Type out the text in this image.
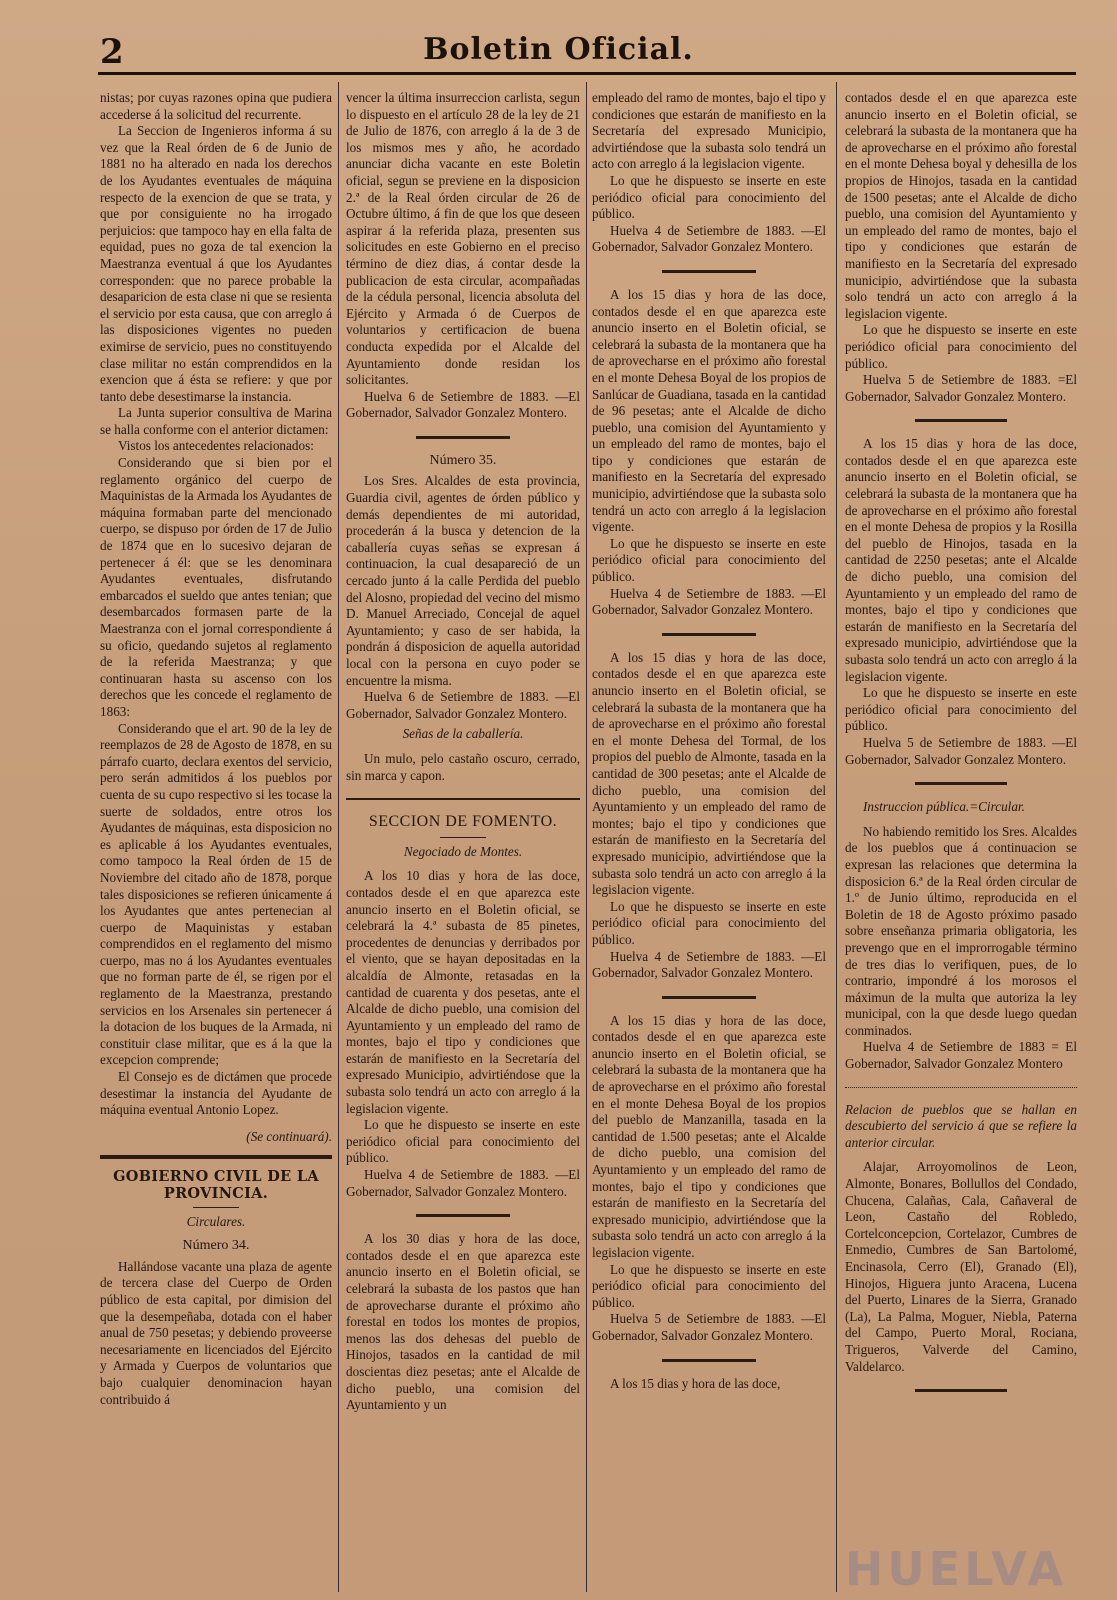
2	Boletin Oficial.

nistas; por cuyas razones opina que pudiera accederse á la solicitud del recurrente.

La Seccion de Ingenieros informa á su vez que la Real órden de 6 de Junio de 1881 no ha alterado en nada los derechos de los Ayudantes eventuales de máquina respecto de la exencion de que se trata, y que por consiguiente no ha irrogado perjuicios: que tampoco hay en ella falta de equidad, pues no goza de tal exencion la Maestranza eventual á que los Ayudantes corresponden: que no parece probable la desaparicion de esta clase ni que se resienta el servicio por esta causa, que con arreglo á las disposiciones vigentes no pueden eximirse de servicio, pues no constituyendo clase militar no están comprendidos en la exencion que á ésta se refiere: y que por tanto debe desestimarse la instancia.

La Junta superior consultiva de Marina se halla conforme con el anterior dictamen:

Vistos los antecedentes relacionados:

Considerando que si bien por el reglamento orgánico del cuerpo de Maquinistas de la Armada los Ayudantes de máquina formaban parte del mencionado cuerpo, se dispuso por órden de 17 de Julio de 1874 que en lo sucesivo dejaran de pertenecer á él: que se les denominara Ayudantes eventuales, disfrutando embarcados el sueldo que antes tenian; que desembarcados formasen parte de la Maestranza con el jornal correspondiente á su oficio, quedando sujetos al reglamento de la referida Maestranza; y que continuaran hasta su ascenso con los derechos que les concede el reglamento de 1863:

Considerando que el art. 90 de la ley de reemplazos de 28 de Agosto de 1878, en su párrafo cuarto, declara exentos del servicio, pero serán admitidos á los pueblos por cuenta de su cupo respectivo si les tocase la suerte de soldados, entre otros los Ayudantes de máquinas, esta disposicion no es aplicable á los Ayudantes eventuales, como tampoco la Real órden de 15 de Noviembre del citado año de 1878, porque tales disposiciones se refieren únicamente á los Ayudantes que antes pertenecian al cuerpo de Maquinistas y estaban comprendidos en el reglamento del mismo cuerpo, mas no á los Ayudantes eventuales que no forman parte de él, se rigen por el reglamento de la Maestranza, prestando servicios en los Arsenales sin pertenecer á la dotacion de los buques de la Armada, ni constituir clase militar, que es á la que la excepcion comprende;

El Consejo es de dictámen que procede desestimar la instancia del Ayudante de máquina eventual Antonio Lopez.

(Se continuará).

GOBIERNO CIVIL DE LA PROVINCIA.

Circulares.

Número 34.

Hallándose vacante una plaza de agente de tercera clase del Cuerpo de Orden público de esta capital, por dimision del que la desempeñaba, dotada con el haber anual de 750 pesetas; y debiendo proveerse necesariamente en licenciados del Ejército y Armada y Cuerpos de voluntarios que bajo cualquier denominacion hayan contribuido á

vencer la última insurreccion carlista, segun lo dispuesto en el artículo 28 de la ley de 21 de Julio de 1876, con arreglo á la de 3 de los mismos mes y año, he acordado anunciar dicha vacante en este Boletin oficial, segun se previene en la disposicion 2.ª de la Real órden circular de 26 de Octubre último, á fin de que los que deseen aspirar á la referida plaza, presenten sus solicitudes en este Gobierno en el preciso término de diez dias, á contar desde la publicacion de esta circular, acompañadas de la cédula personal, licencia absoluta del Ejército y Armada ó de Cuerpos de voluntarios y certificacion de buena conducta expedida por el Alcalde del Ayuntamiento donde residan los solicitantes.

Huelva 6 de Setiembre de 1883. —El Gobernador, Salvador Gonzalez Montero.

Número 35.

Los Sres. Alcaldes de esta provincia, Guardia civil, agentes de órden público y demás dependientes de mi autoridad, procederán á la busca y detencion de la caballería cuyas señas se expresan á continuacion, la cual desapareció de un cercado junto á la calle Perdida del pueblo del Alosno, propiedad del vecino del mismo D. Manuel Arreciado, Concejal de aquel Ayuntamiento; y caso de ser habida, la pondrán á disposicion de aquella autoridad local con la persona en cuyo poder se encuentre la misma.

Huelva 6 de Setiembre de 1883. —El Gobernador, Salvador Gonzalez Montero.

Señas de la caballería.

Un mulo, pelo castaño oscuro, cerrado, sin marca y capon.

SECCION DE FOMENTO.

Negociado de Montes.

A los 10 dias y hora de las doce, contados desde el en que aparezca este anuncio inserto en el Boletin oficial, se celebrará la 4.ª subasta de 85 pinetes, procedentes de denuncias y derribados por el viento, que se hayan depositadas en la alcaldía de Almonte, retasadas en la cantidad de cuarenta y dos pesetas, ante el Alcalde de dicho pueblo, una comision del Ayuntamiento y un empleado del ramo de montes, bajo el tipo y condiciones que estarán de manifiesto en la Secretaría del expresado Municipio, advirtiéndose que la subasta solo tendrá un acto con arreglo á la legislacion vigente.

Lo que he dispuesto se inserte en este periódico oficial para conocimiento del público.

Huelva 4 de Setiembre de 1883. —El Gobernador, Salvador Gonzalez Montero.

A los 30 dias y hora de las doce, contados desde el en que aparezca este anuncio inserto en el Boletin oficial, se celebrará la subasta de los pastos que han de aprovecharse durante el próximo año forestal en todos los montes de propios, menos las dos dehesas del pueblo de Hinojos, tasados en la cantidad de mil doscientas diez pesetas; ante el Alcalde de dicho pueblo, una comision del Ayuntamiento y un

empleado del ramo de montes, bajo el tipo y condiciones que estarán de manifiesto en la Secretaría del expresado Municipio, advirtiéndose que la subasta solo tendrá un acto con arreglo á la legislacion vigente.

Lo que he dispuesto se inserte en este periódico oficial para conocimiento del público.

Huelva 4 de Setiembre de 1883. —El Gobernador, Salvador Gonzalez Montero.

A los 15 dias y hora de las doce, contados desde el en que aparezca este anuncio inserto en el Boletin oficial, se celebrará la subasta de la montanera que ha de aprovecharse en el próximo año forestal en el monte Dehesa Boyal de los propios de Sanlúcar de Guadiana, tasada en la cantidad de 96 pesetas; ante el Alcalde de dicho pueblo, una comision del Ayuntamiento y un empleado del ramo de montes, bajo el tipo y condiciones que estarán de manifiesto en la Secretaría del expresado municipio, advirtiéndose que la subasta solo tendrá un acto con arreglo á la legislacion vigente.

Lo que he dispuesto se inserte en este periódico oficial para conocimiento del público.

Huelva 4 de Setiembre de 1883. —El Gobernador, Salvador Gonzalez Montero.

A los 15 dias y hora de las doce, contados desde el en que aparezca este anuncio inserto en el Boletin oficial, se celebrará la subasta de la montanera que ha de aprovecharse en el próximo año forestal en el monte Dehesa del Tormal, de los propios del pueblo de Almonte, tasada en la cantidad de 300 pesetas; ante el Alcalde de dicho pueblo, una comision del Ayuntamiento y un empleado del ramo de montes; bajo el tipo y condiciones que estarán de manifiesto en la Secretaría del expresado municipio, advirtiéndose que la subasta solo tendrá un acto con arreglo á la legislacion vigente.

Lo que he dispuesto se inserte en este periódico oficial para conocimiento del público.

Huelva 4 de Setiembre de 1883. —El Gobernador, Salvador Gonzalez Montero.

A los 15 dias y hora de las doce, contados desde el en que aparezca este anuncio inserto en el Boletin oficial, se celebrará la subasta de la montanera que ha de aprovecharse en el próximo año forestal en el monte Dehesa Boyal de los propios del pueblo de Manzanilla, tasada en la cantidad de 1.500 pesetas; ante el Alcalde de dicho pueblo, una comision del Ayuntamiento y un empleado del ramo de montes, bajo el tipo y condiciones que estarán de manifiesto en la Secretaría del expresado municipio, advirtiéndose que la subasta solo tendrá un acto con arreglo á la legislacion vigente.

Lo que he dispuesto se inserte en este periódico oficial para conocimiento del público.

Huelva 5 de Setiembre de 1883. —El Gobernador, Salvador Gonzalez Montero.

A los 15 dias y hora de las doce,

contados desde el en que aparezca este anuncio inserto en el Boletin oficial, se celebrará la subasta de la montanera que ha de aprovecharse en el próximo año forestal en el monte Dehesa boyal y dehesilla de los propios de Hinojos, tasada en la cantidad de 1500 pesetas; ante el Alcalde de dicho pueblo, una comision del Ayuntamiento y un empleado del ramo de montes, bajo el tipo y condiciones que estarán de manifiesto en la Secretaría del expresado municipio, advirtiéndose que la subasta solo tendrá un acto con arreglo á la legislacion vigente.

Lo que he dispuesto se inserte en este periódico oficial para conocimiento del público.

Huelva 5 de Setiembre de 1883. =El Gobernador, Salvador Gonzalez Montero.

A los 15 dias y hora de las doce, contados desde el en que aparezca este anuncio inserto en el Boletin oficial, se celebrará la subasta de la montanera que ha de aprovecharse en el próximo año forestal en el monte Dehesa de propios y la Rosilla del pueblo de Hinojos, tasada en la cantidad de 2250 pesetas; ante el Alcalde de dicho pueblo, una comision del Ayuntamiento y un empleado del ramo de montes, bajo el tipo y condiciones que estarán de manifiesto en la Secretaría del expresado municipio, advirtiéndose que la subasta solo tendrá un acto con arreglo á la legislacion vigente.

Lo que he dispuesto se inserte en este periódico oficial para conocimiento del público.

Huelva 5 de Setiembre de 1883. —El Gobernador, Salvador Gonzalez Montero.

Instruccion pública.=Circular.

No habiendo remitido los Sres. Alcaldes de los pueblos que á continuacion se expresan las relaciones que determina la disposicion 6.ª de la Real órden circular de 1.º de Junio último, reproducida en el Boletin de 18 de Agosto próximo pasado sobre enseñanza primaria obligatoria, les prevengo que en el improrrogable término de tres dias lo verifiquen, pues, de lo contrario, impondré á los morosos el máximun de la multa que autoriza la ley municipal, con la que desde luego quedan conminados.

Huelva 4 de Setiembre de 1883 = El Gobernador, Salvador Gonzalez Montero

Relacion de pueblos que se hallan en descubierto del servicio á que se refiere la anterior circular.

Alajar, Arroyomolinos de Leon, Almonte, Bonares, Bollullos del Condado, Chucena, Calañas, Cala, Cañaveral de Leon, Castaño del Robledo, Cortelconcepcion, Cortelazor, Cumbres de Enmedio, Cumbres de San Bartolomé, Encinasola, Cerro (El), Granado (El), Hinojos, Higuera junto Aracena, Lucena del Puerto, Linares de la Sierra, Granado (La), La Palma, Moguer, Niebla, Paterna del Campo, Puerto Moral, Rociana, Trigueros, Valverde del Camino, Valdelarco.

HUELVA
